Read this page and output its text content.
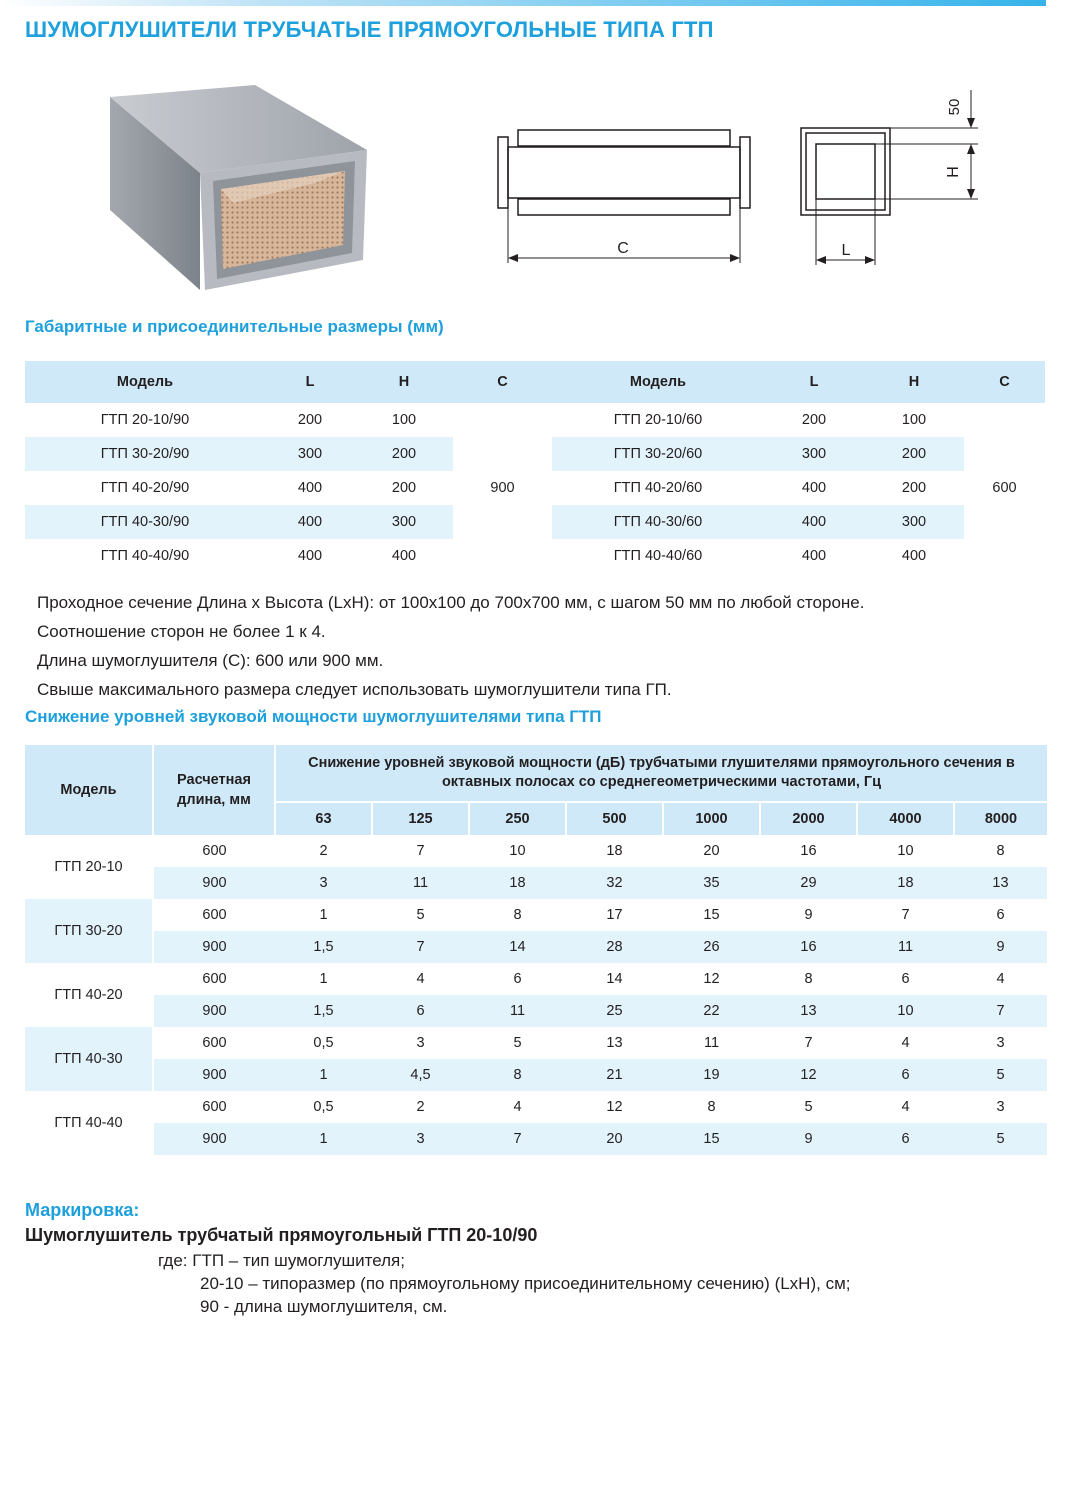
ШУМОГЛУШИТЕЛИ ТРУБЧАТЫЕ ПРЯМОУГОЛЬНЫЕ ТИПА ГТП
C	L
H
50
Габаритные и присоединительные размеры (мм)
Модель	L	H	C	Модель	L	H	C
ГТП 20-10/90	200	100	900	ГТП 20-10/60	200	100	600
ГТП 30-20/90	300	200		ГТП 30-20/60	300	200	
ГТП 40-20/90	400	200		ГТП 40-20/60	400	200	
ГТП 40-30/90	400	300		ГТП 40-30/60	400	300	
ГТП 40-40/90	400	400		ГТП 40-40/60	400	400	
Проходное сечение Длина х Высота (LxH): от 100х100 до 700х700 мм, с шагом 50 мм по любой стороне.
Соотношение сторон не более 1 к 4.
Длина шумоглушителя (С): 600 или 900 мм.
Свыше максимального размера следует использовать шумоглушители типа ГП.
Снижение уровней звуковой мощности шумоглушителями типа ГТП
Модель	Расчетная длина, мм	Снижение уровней звуковой мощности (дБ) трубчатыми глушителями прямоугольного сечения в октавных полосах со среднегеометрическими частотами, Гц							
		63	125	250	500	1000	2000	4000	8000
ГТП 20-10	600	2	7	10	18	20	16	10	8
	900	3	11	18	32	35	29	18	13
ГТП 30-20	600	1	5	8	17	15	9	7	6
	900	1,5	7	14	28	26	16	11	9
ГТП 40-20	600	1	4	6	14	12	8	6	4
	900	1,5	6	11	25	22	13	10	7
ГТП 40-30	600	0,5	3	5	13	11	7	4	3
	900	1	4,5	8	21	19	12	6	5
ГТП 40-40	600	0,5	2	4	12	8	5	4	3
	900	1	3	7	20	15	9	6	5
Маркировка:
Шумоглушитель трубчатый прямоугольный ГТП 20-10/90
где: ГТП – тип шумоглушителя;
20-10 – типоразмер (по прямоугольному присоединительному сечению) (LxH), см;
90 - длина шумоглушителя, см.
